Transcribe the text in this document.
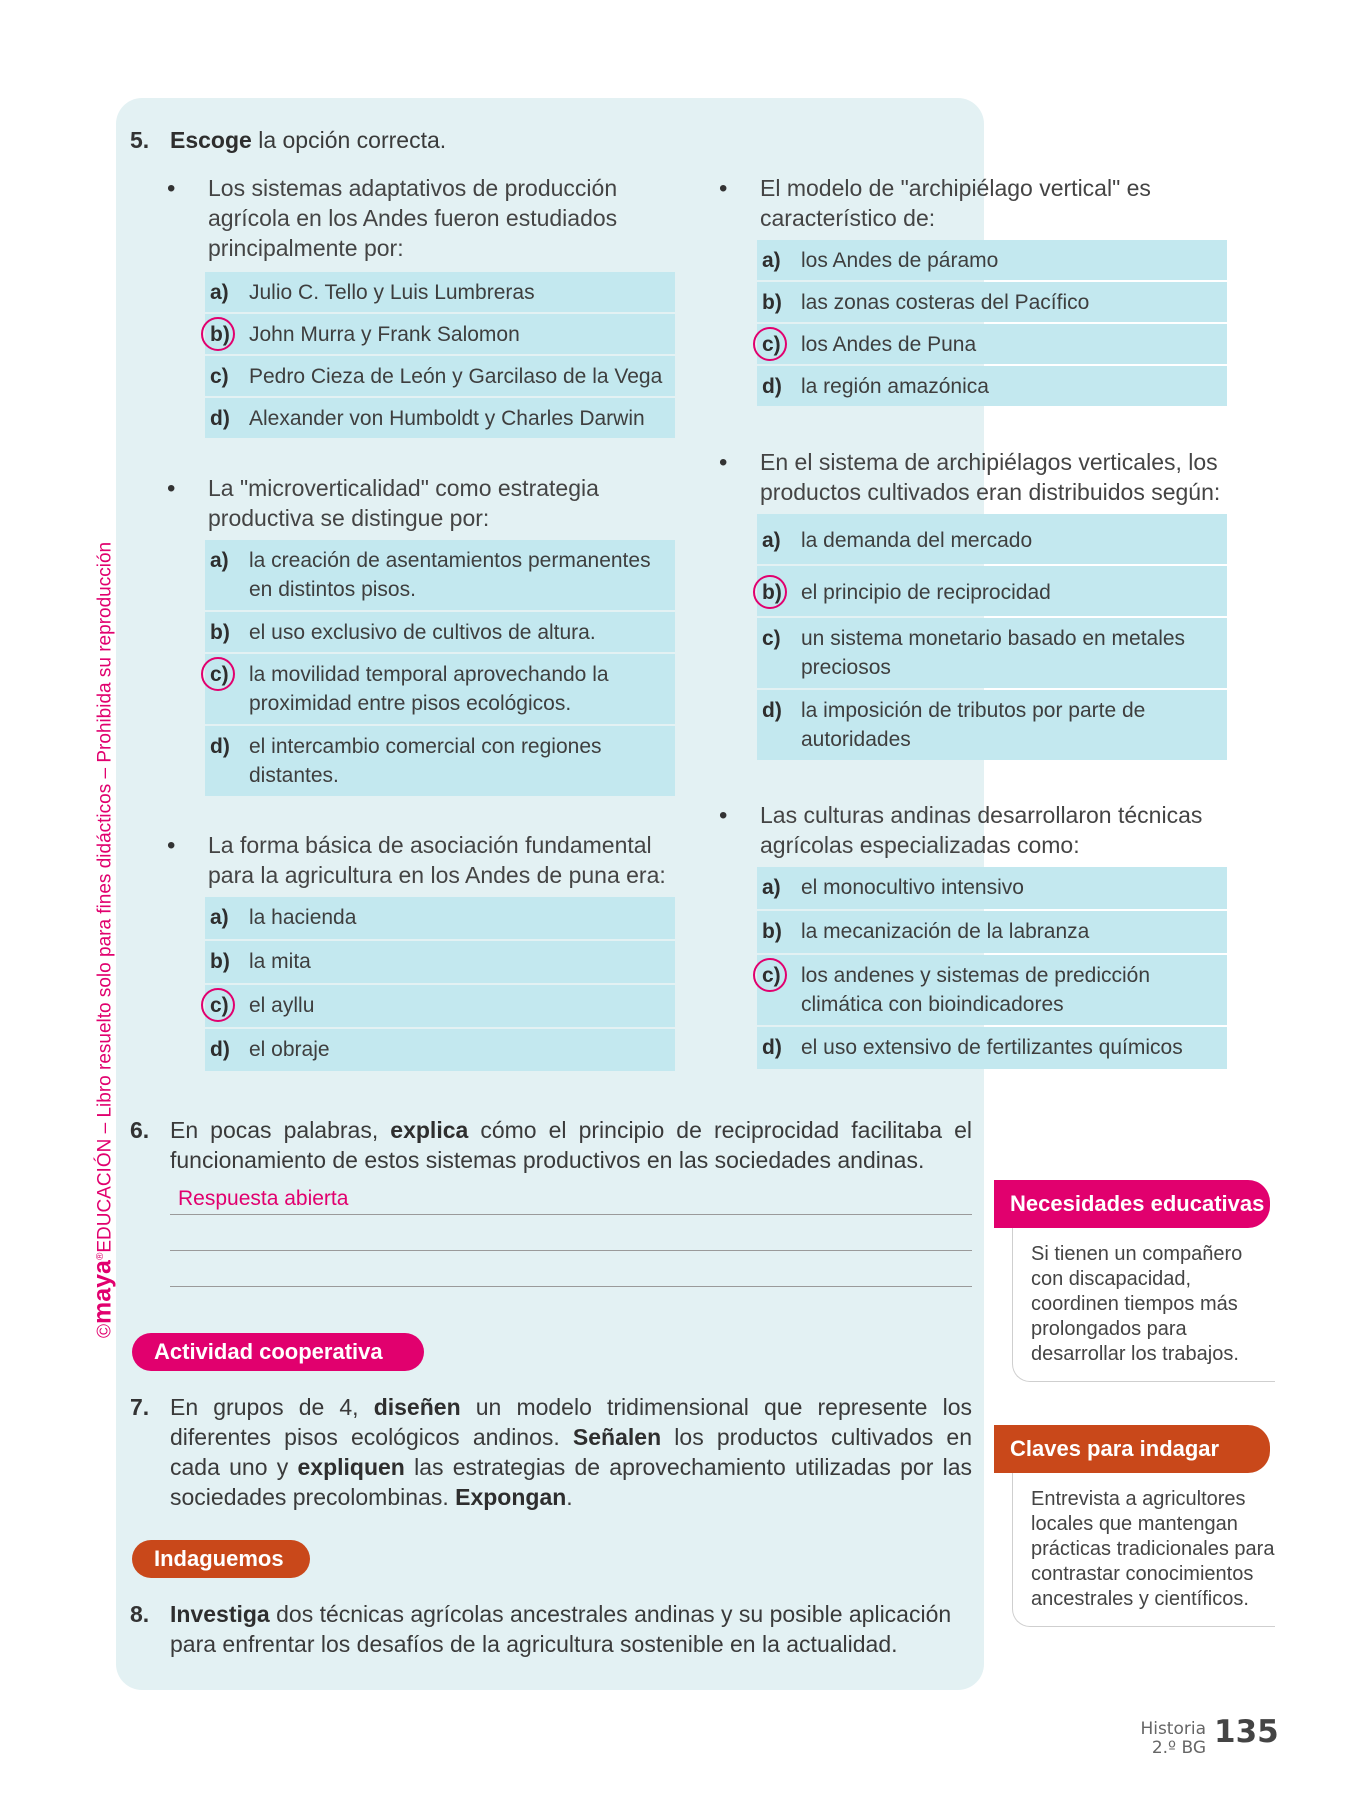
©maya®EDUCACIÓN – Libro resuelto solo para fines didácticos – Prohibida su reproducción
5. Escoge la opción correcta.
• Los sistemas adaptativos de producción agrícola en los Andes fueron estudiados principalmente por:
a) Julio C. Tello y Luis Lumbreras
b) John Murra y Frank Salomon
c) Pedro Cieza de León y Garcilaso de la Vega
d) Alexander von Humboldt y Charles Darwin
• La "microverticalidad" como estrategia productiva se distingue por:
a) la creación de asentamientos permanentes en distintos pisos.
b) el uso exclusivo de cultivos de altura.
c) la movilidad temporal aprovechando la proximidad entre pisos ecológicos.
d) el intercambio comercial con regiones distantes.
• La forma básica de asociación fundamental para la agricultura en los Andes de puna era:
a) la hacienda
b) la mita
c) el ayllu
d) el obraje
• El modelo de "archipiélago vertical" es característico de:
a) los Andes de páramo
b) las zonas costeras del Pacífico
c) los Andes de Puna
d) la región amazónica
• En el sistema de archipiélagos verticales, los productos cultivados eran distribuidos según:
a) la demanda del mercado
b) el principio de reciprocidad
c) un sistema monetario basado en metales preciosos
d) la imposición de tributos por parte de autoridades
• Las culturas andinas desarrollaron técnicas agrícolas especializadas como:
a) el monocultivo intensivo
b) la mecanización de la labranza
c) los andenes y sistemas de predicción climática con bioindicadores
d) el uso extensivo de fertilizantes químicos
6. En pocas palabras, explica cómo el principio de reciprocidad facilitaba el funcionamiento de estos sistemas productivos en las sociedades andinas.
Respuesta abierta
Actividad cooperativa
7. En grupos de 4, diseñen un modelo tridimensional que represente los diferentes pisos ecológicos andinos. Señalen los productos cultivados en cada uno y expliquen las estrategias de aprovechamiento utilizadas por las sociedades precolombinas. Expongan.
Indaguemos
8. Investiga dos técnicas agrícolas ancestrales andinas y su posible aplicación para enfrentar los desafíos de la agricultura sostenible en la actualidad.
Necesidades educativas
Si tienen un compañero con discapacidad, coordinen tiempos más prolongados para desarrollar los trabajos.
Claves para indagar
Entrevista a agricultores locales que mantengan prácticas tradicionales para contrastar conocimientos ancestrales y científicos.
Historia
2.º BG 135
